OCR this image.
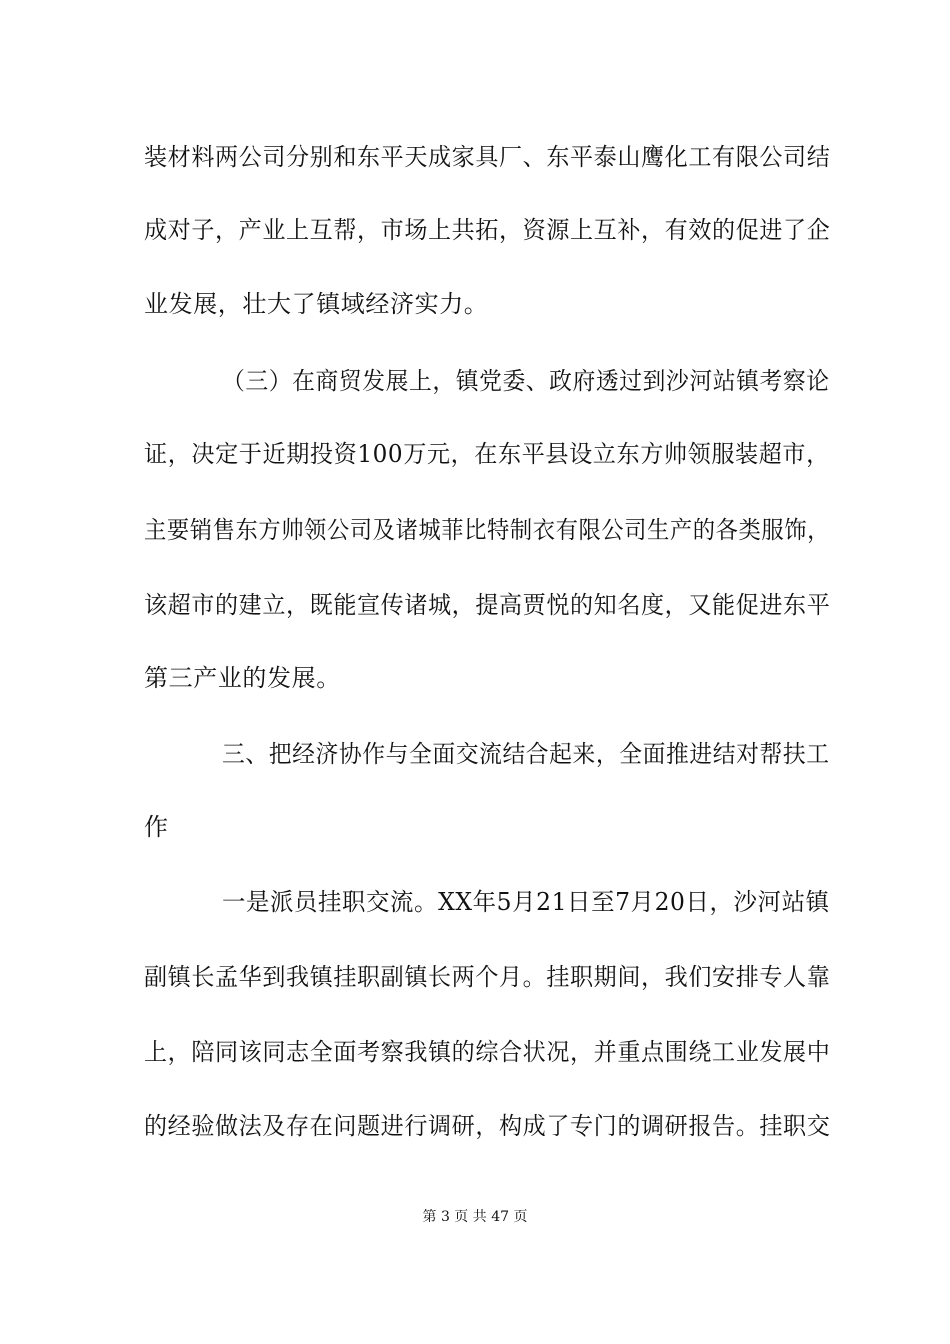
装材料两公司分别和东平天成家具厂、东平泰山鹰化工有限公司结
成对子，产业上互帮，市场上共拓，资源上互补，有效的促进了企
业发展，壮大了镇域经济实力。
（三）在商贸发展上，镇党委、政府透过到沙河站镇考察论
证，决定于近期投资100万元，在东平县设立东方帅领服装超市，
主要销售东方帅领公司及诸城菲比特制衣有限公司生产的各类服饰，
该超市的建立，既能宣传诸城，提高贾悦的知名度，又能促进东平
第三产业的发展。
三、把经济协作与全面交流结合起来，全面推进结对帮扶工
作
一是派员挂职交流。XX年5月21日至7月20日，沙河站镇
副镇长孟华到我镇挂职副镇长两个月。挂职期间，我们安排专人靠
上，陪同该同志全面考察我镇的综合状况，并重点围绕工业发展中
的经验做法及存在问题进行调研，构成了专门的调研报告。挂职交
第 3 页 共 47 页
